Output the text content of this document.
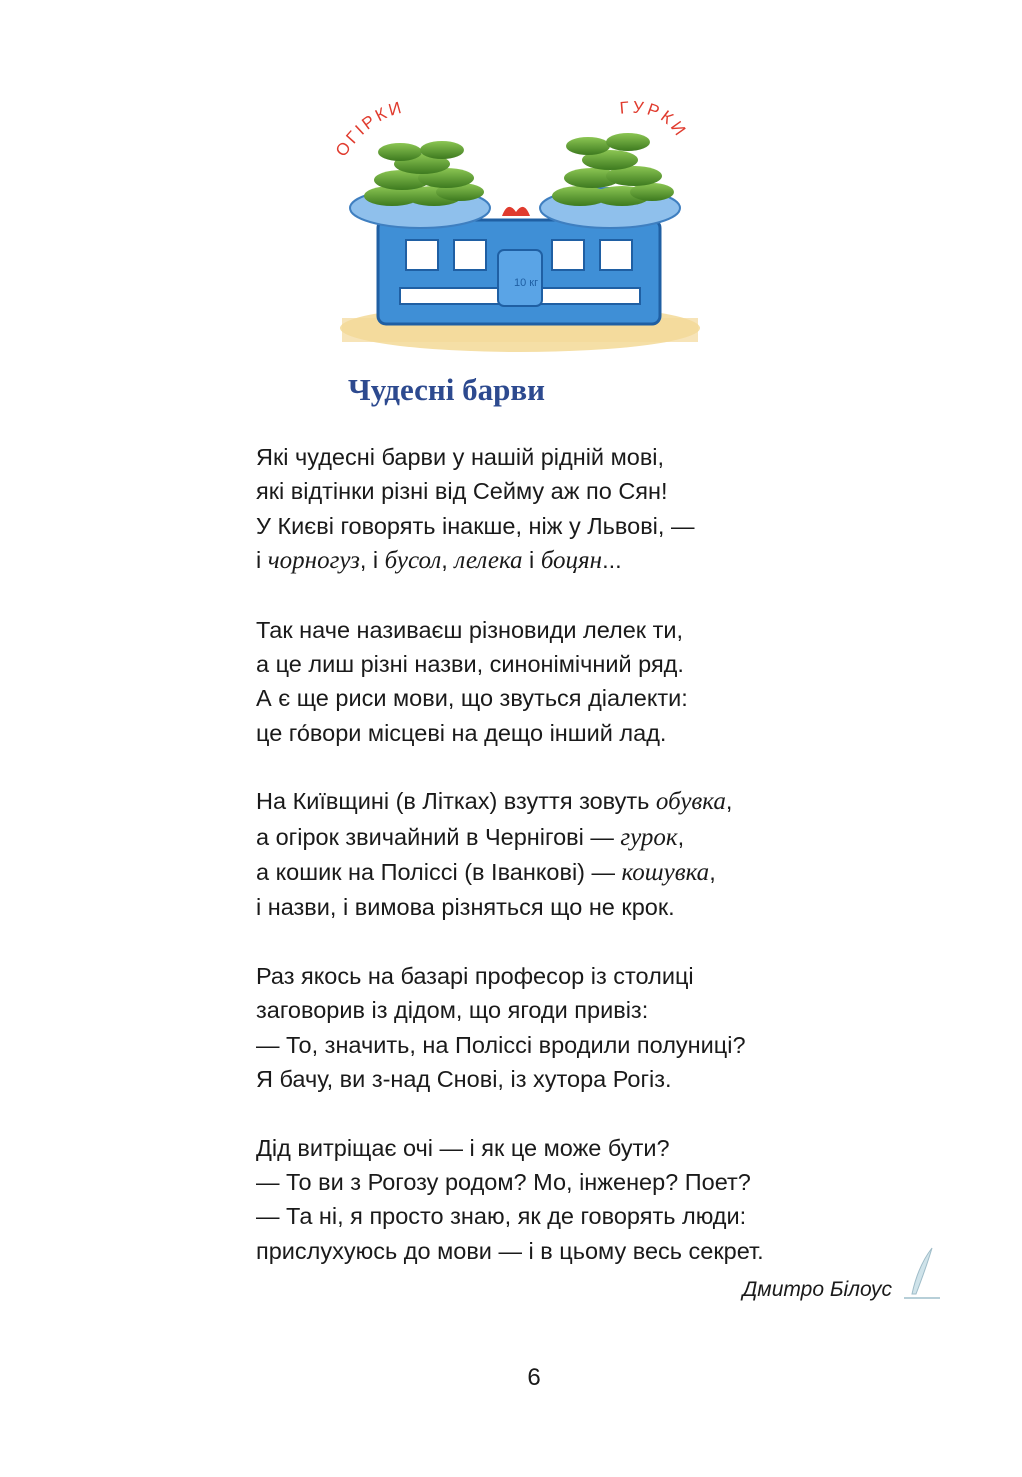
ОГІРКИ	ГУРКИ
10 кг
Чудесні барви
Які чудесні барви у нашій рідній мові,
які відтінки різні від Сейму аж по Сян!
У Києві говорять інакше, ніж у Львові, —
і чорногуз, і бусол, лелека і боцян...
Так наче називаєш різновиди лелек ти,
а це лиш різні назви, синонімічний ряд.
А є ще риси мови, що звуться діалекти:
це го́вори місцеві на дещо інший лад.
На Київщині (в Літках) взуття зовуть обувка,
а огірок звичайний в Чернігові — гурок,
а кошик на Поліссі (в Іванкові) — кошувка,
і назви, і вимова різняться що не крок.
Раз якось на базарі професор із столиці
заговорив із дідом, що ягоди привіз:
— То, значить, на Поліссі вродили полуниці?
Я бачу, ви з-над Снові, із хутора Рогіз.
Дід витріщає очі — і як це може бути?
— То ви з Рогозу родом? Мо, інженер? Поет?
— Та ні, я просто знаю, як де говорять люди:
прислухуюсь до мови — і в цьому весь секрет.
Дмитро Білоус
6
